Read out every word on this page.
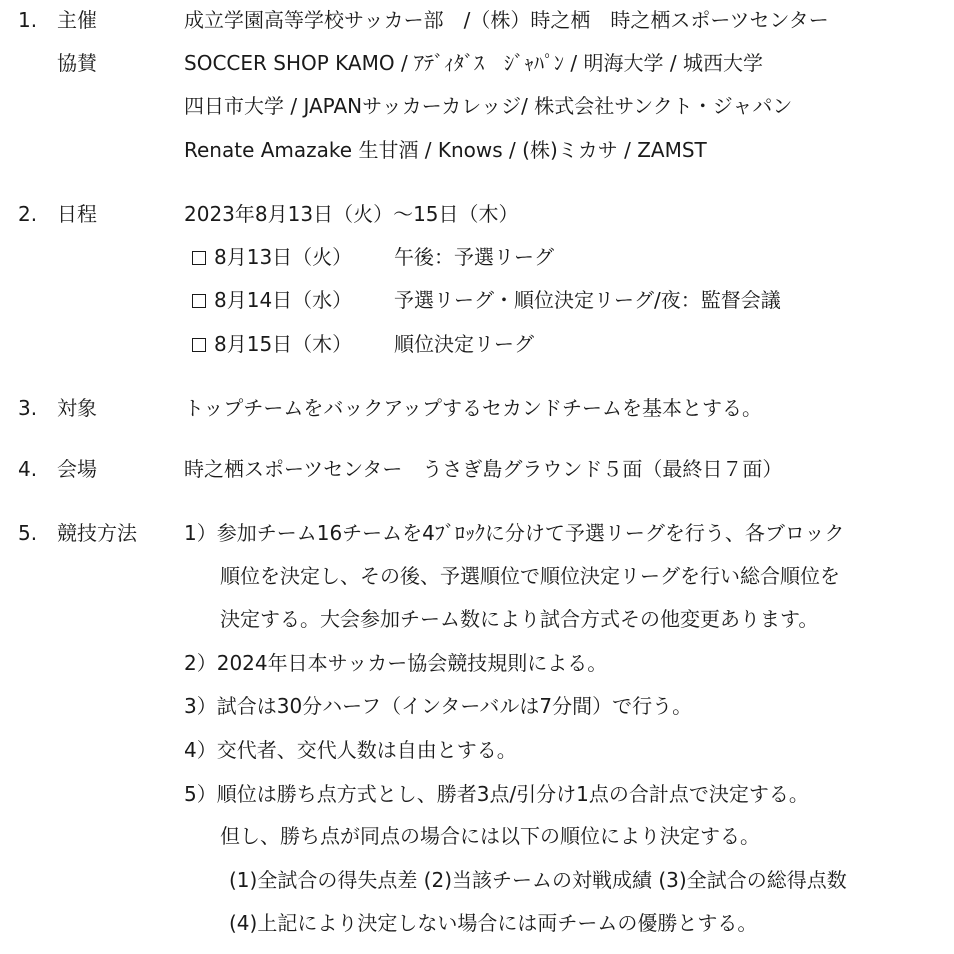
1. 主催	成立学園高等学校サッカー部　/（株）時之栖　時之栖スポーツセンター
協賛	SOCCER SHOP KAMO / ｱﾃﾞｨﾀﾞｽ　ｼﾞｬﾊﾟﾝ / 明海大学 / 城西大学
四日市大学 / JAPANサッカーカレッジ/ 株式会社サンクト・ジャパン
Renate Amazake 生甘酒 / Knows / (株)ミカサ / ZAMST
2. 日程	2023年8月13日（火）～15日（木）
8月13日（火） 午後：予選リーグ
8月14日（水） 予選リーグ・順位決定リーグ/夜：監督会議
8月15日（木） 順位決定リーグ
3. 対象	トップチームをバックアップするセカンドチームを基本とする。
4. 会場	時之栖スポーツセンター　うさぎ島グラウンド５面（最終日７面）
5. 競技方法 1）参加チーム16チームを4ﾌﾞﾛｯｸに分けて予選リーグを行う、各ブロック
順位を決定し、その後、予選順位で順位決定リーグを行い総合順位を
決定する。大会参加チーム数により試合方式その他変更あります。
2）2024年日本サッカー協会競技規則による。
3）試合は30分ハーフ（インターバルは7分間）で行う。
4）交代者、交代人数は自由とする。
5）順位は勝ち点方式とし、勝者3点/引分け1点の合計点で決定する。
但し、勝ち点が同点の場合には以下の順位により決定する。
(1)全試合の得失点差 (2)当該チームの対戦成績 (3)全試合の総得点数
(4)上記により決定しない場合には両チームの優勝とする。
